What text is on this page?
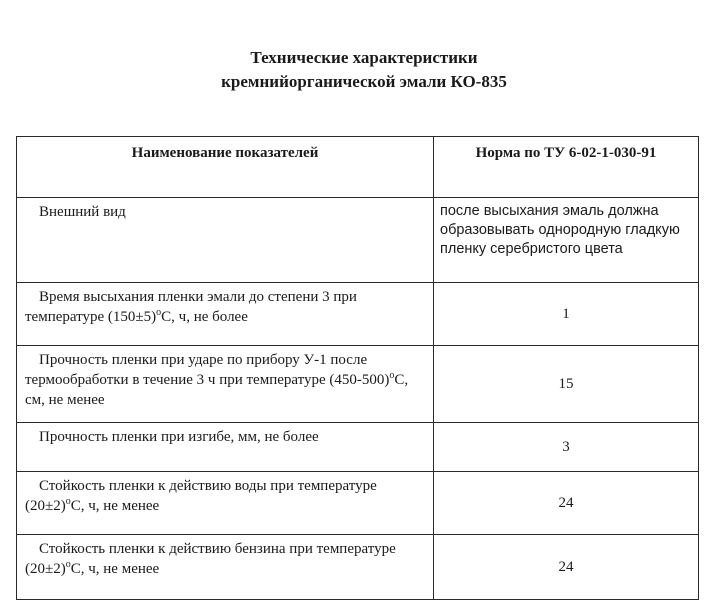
Технические характеристики
кремнийорганической эмали КО-835
Наименование показателей	Норма по ТУ 6-02-1-030-91
Внешний вид	после высыхания эмаль должна образовывать однородную гладкую пленку серебристого цвета
Время высыхания пленки эмали до степени 3 при температуре $(150\pm 5)^оС$, ч, не более	1
Прочность пленки при ударе по прибору У-1 после термообработки в течение 3 ч при температуре $(450-500)^оС$, см, не менее	15
Прочность пленки при изгибе, мм, не более	3
Стойкость пленки к действию воды при температуре $(20\pm 2)^оС$, ч, не менее	24
Стойкость пленки к действию бензина при температуре $(20\pm 2)^оС$, ч, не менее	24
